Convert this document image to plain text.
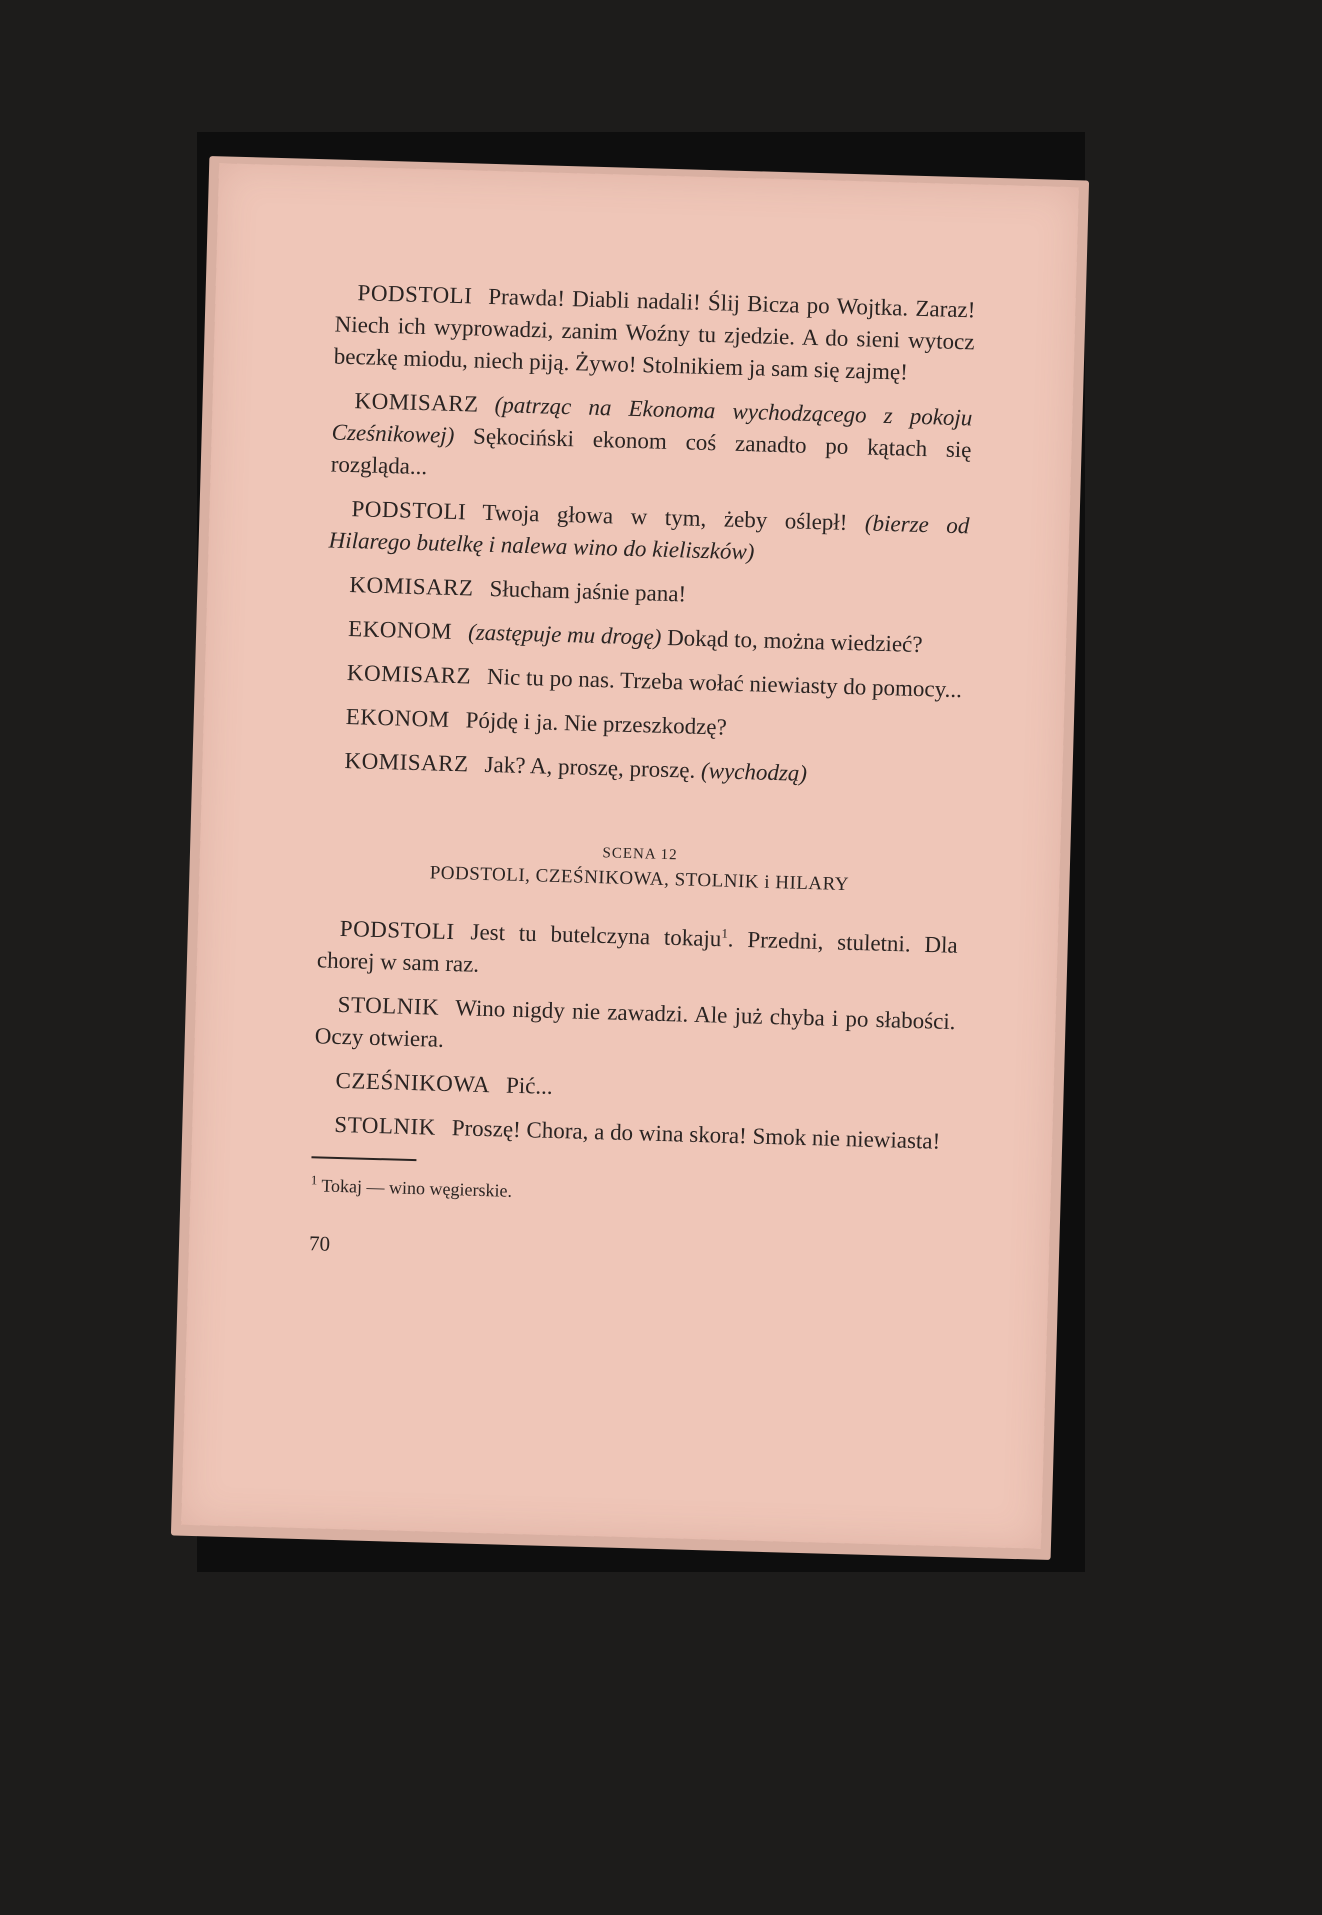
PODSTOLI Prawda! Diabli nadali! Ślij Bicza po Wojtka. Zaraz! Niech ich wyprowadzi, zanim Woźny tu zjedzie. A do sieni wytocz beczkę miodu, niech piją. Żywo! Stolnikiem ja sam się zajmę!

KOMISARZ (patrząc na Ekonoma wychodzącego z pokoju Cześnikowej) Sękociński ekonom coś zanadto po kątach się rozgląda...

PODSTOLI Twoja głowa w tym, żeby oślepł! (bierze od Hilarego butelkę i nalewa wino do kieliszków)

KOMISARZ Słucham jaśnie pana!

EKONOM (zastępuje mu drogę) Dokąd to, można wiedzieć?

KOMISARZ Nic tu po nas. Trzeba wołać niewiasty do pomocy...

EKONOM Pójdę i ja. Nie przeszkodzę?

KOMISARZ Jak? A, proszę, proszę. (wychodzą)

SCENA 12
PODSTOLI, CZEŚNIKOWA, STOLNIK i HILARY

PODSTOLI Jest tu butelczyna tokaju$^1$. Przedni, stuletni. Dla chorej w sam raz.

STOLNIK Wino nigdy nie zawadzi. Ale już chyba i po słabości. Oczy otwiera.

CZEŚNIKOWA Pić...

STOLNIK Proszę! Chora, a do wina skora! Smok nie niewiasta!

$^1$ Tokaj — wino węgierskie.
70
